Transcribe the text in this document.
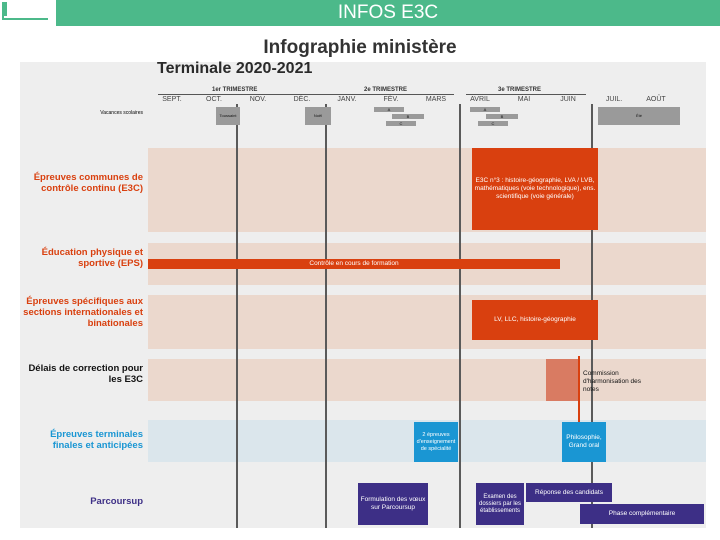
INFOS E3C
Infographie ministère
Terminale 2020-2021
1er TRIMESTRE	2e TRIMESTRE	3e TRIMESTRE
SEPT.	OCT.	NOV.	DÉC.	JANV.	FÉV.	MARS	AVRIL	MAI	JUIN	JUIL.	AOÛT
Vacances scolaires	Toussaint	Noël
A
B
C
A
B
C
Été
Épreuves communes de contrôle continu (E3C)
E3C n°3 : histoire-géographie, LVA / LVB, mathématiques (voie technologique), ens. scientifique (voie générale)
Éducation physique et sportive (EPS)	Contrôle en cours de formation
Épreuves spécifiques aux sections internationales et binationales	LV, LLC, histoire-géographie
Délais de correction pour les E3C
Commission d'harmonisation des notes
Épreuves terminales finales et anticipées
2 épreuves d'enseignement de spécialité
Philosophie, Grand oral
Parcoursup	Formulation des vœux sur Parcoursup
Examen des dossiers par les établissements
Réponse des candidats
Phase complémentaire
